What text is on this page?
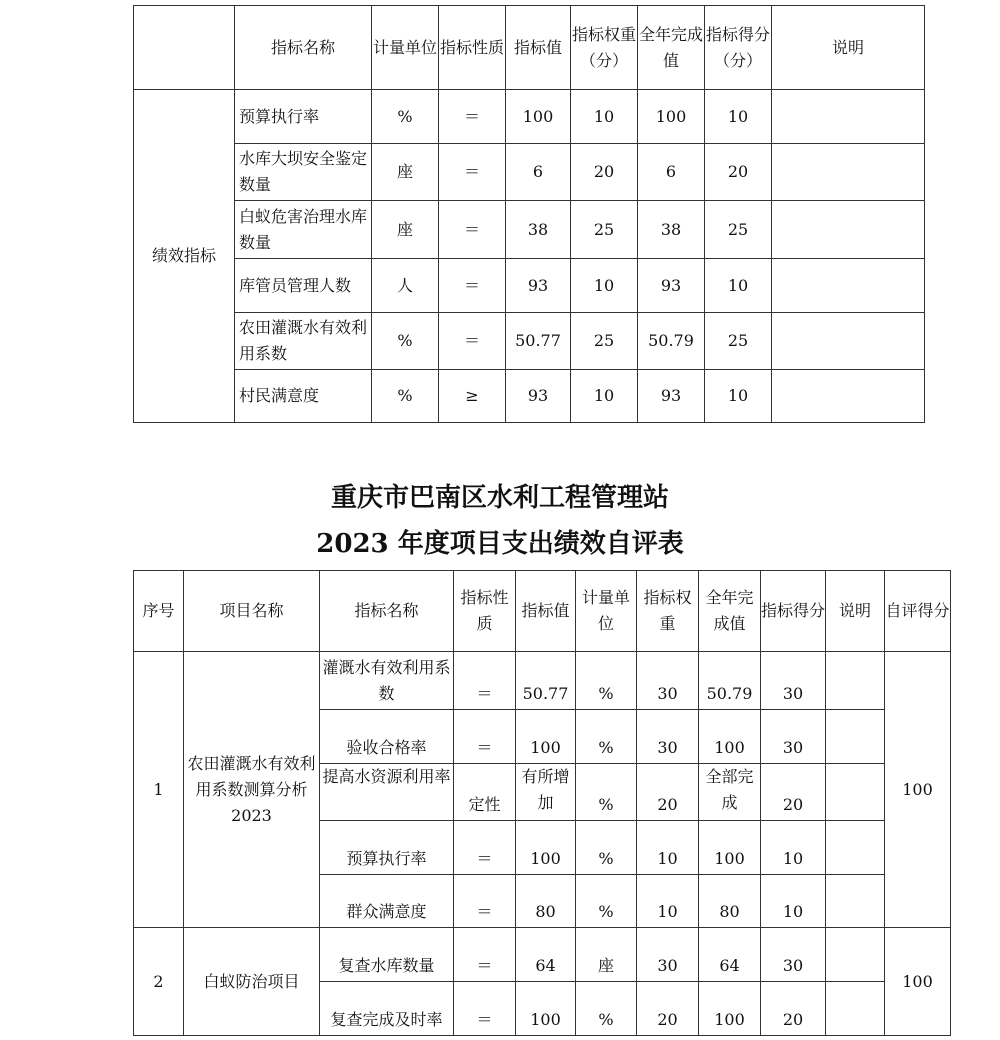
	指标名称	计量单位	指标性质	指标值	指标权重（分）	全年完成值	指标得分（分）	说明
绩效指标	预算执行率	%	＝	100	10	100	10	
	水库大坝安全鉴定数量	座	＝	6	20	6	20	
	白蚁危害治理水库数量	座	＝	38	25	38	25	
	库管员管理人数	人	＝	93	10	93	10	
	农田灌溉水有效利用系数	%	＝	50.77	25	50.79	25	
	村民满意度	%	≥	93	10	93	10	
重庆市巴南区水利工程管理站
2023 年度项目支出绩效自评表
序号	项目名称	指标名称	指标性质	指标值	计量单位	指标权重	全年完成值	指标得分	说明	自评得分
1	农田灌溉水有效利用系数测算分析 2023	灌溉水有效利用系数	＝	50.77	%	30	50.79	30		100
		验收合格率	＝	100	%	30	100	30		
		提高水资源利用率	定性	有所增加	%	20	全部完成	20		
		预算执行率	＝	100	%	10	100	10		
		群众满意度	＝	80	%	10	80	10		
2	白蚁防治项目	复查水库数量	＝	64	座	30	64	30		100
		复查完成及时率	＝	100	%	20	100	20		
